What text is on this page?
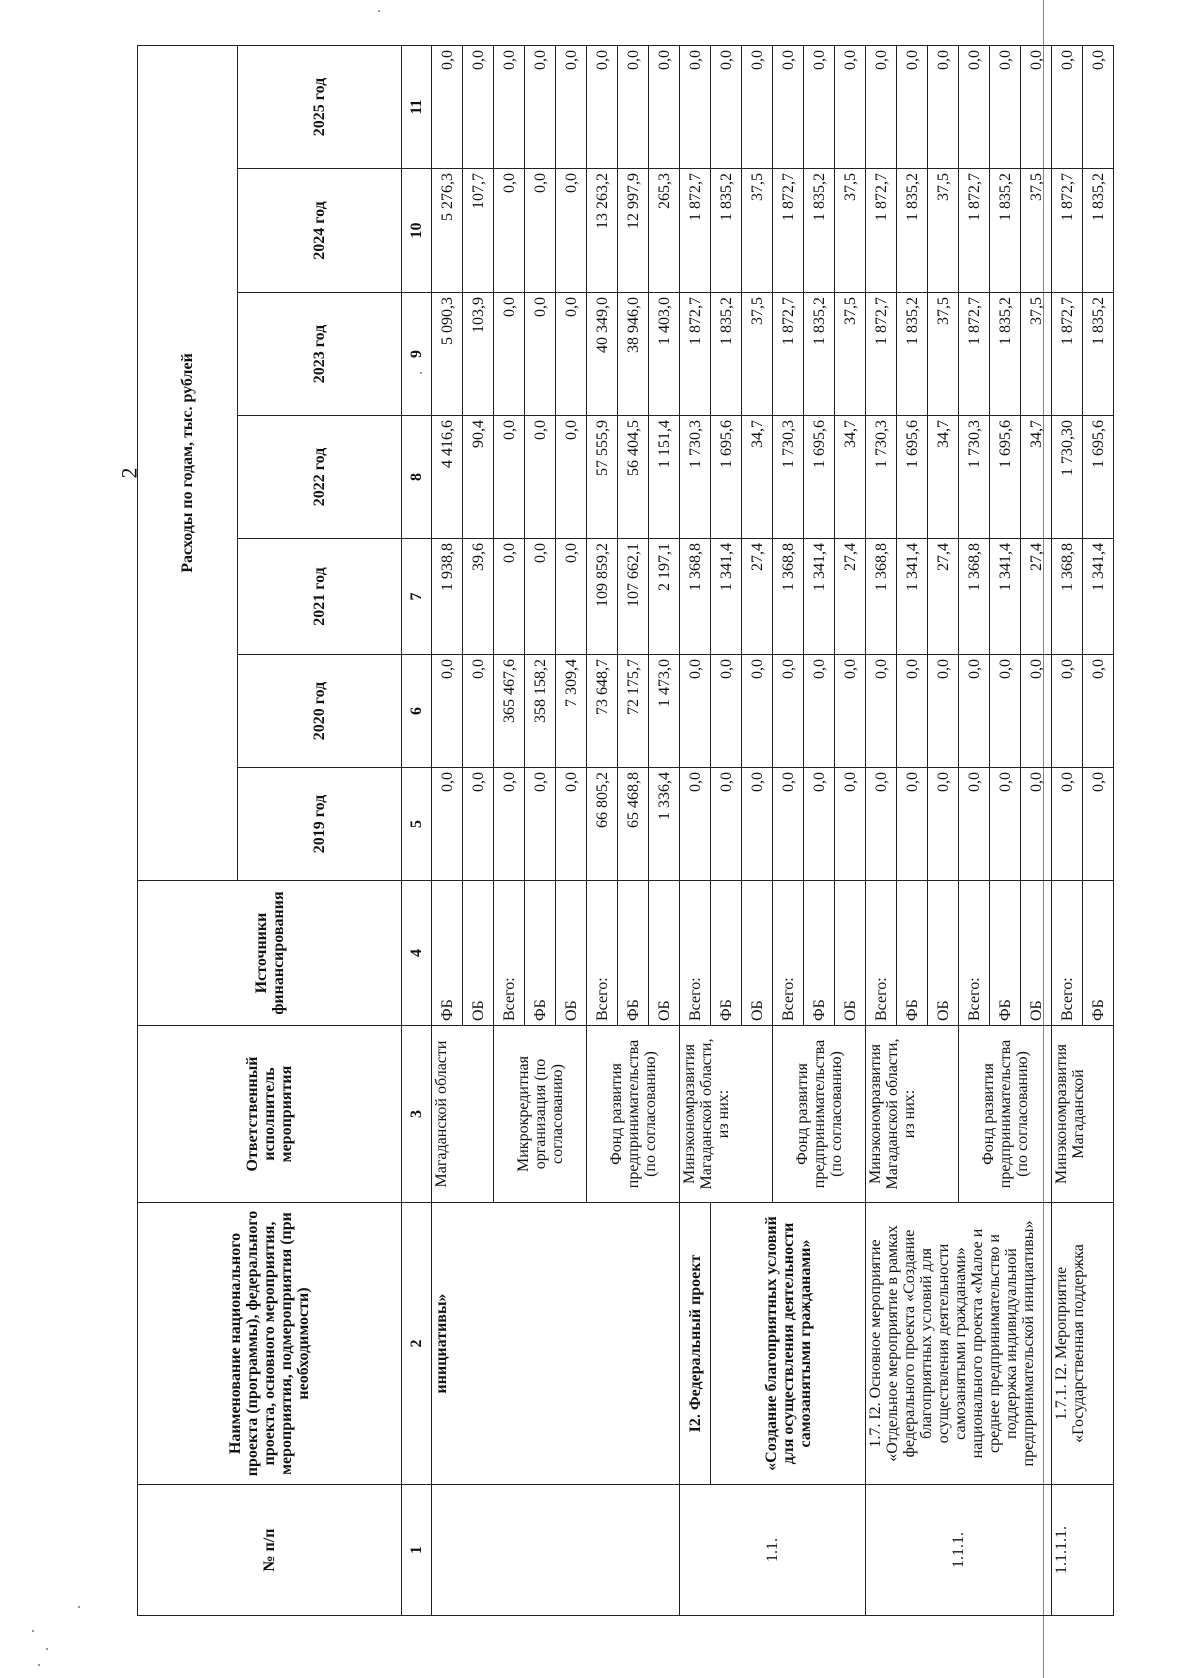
2
№ п/п	Наименование национального проекта (программы), федерального проекта, основного мероприятия, мероприятия, подмероприятия (при необходимости)	Ответственный исполнитель мероприятия	Источники финансирования	Расходы по годам, тыс. рублей						
				2019 год	2020 год	2021 год	2022 год	2023 год	2024 год	2025 год
1	2	3	4	5	6	7	8	9	10	11
	инициативы»	Магаданской области	ФБ	0,0	0,0	1 938,8	4 416,6	5 090,3	5 276,3	0,0
			ОБ	0,0	0,0	39,6	90,4	103,9	107,7	0,0
		Микрокредитная организация (по согласованию)	Всего:	0,0	365 467,6	0,0	0,0	0,0	0,0	0,0
			ФБ	0,0	358 158,2	0,0	0,0	0,0	0,0	0,0
			ОБ	0,0	7 309,4	0,0	0,0	0,0	0,0	0,0
		Фонд развития предпринимательства (по согласованию)	Всего:	66 805,2	73 648,7	109 859,2	57 555,9	40 349,0	13 263,2	0,0
			ФБ	65 468,8	72 175,7	107 662,1	56 404,5	38 946,0	12 997,9	0,0
			ОБ	1 336,4	1 473,0	2 197,1	1 151,4	1 403,0	265,3	0,0
1.1.	I2. Федеральный проект	Минэкономразвития Магаданской области, из них:	Всего:	0,0	0,0	1 368,8	1 730,3	1 872,7	1 872,7	0,0
	«Создание благоприятных условий для осуществления деятельности самозанятыми гражданами»		ФБ	0,0	0,0	1 341,4	1 695,6	1 835,2	1 835,2	0,0
			ОБ	0,0	0,0	27,4	34,7	37,5	37,5	0,0
		Фонд развития предпринимательства (по согласованию)	Всего:	0,0	0,0	1 368,8	1 730,3	1 872,7	1 872,7	0,0
			ФБ	0,0	0,0	1 341,4	1 695,6	1 835,2	1 835,2	0,0
			ОБ	0,0	0,0	27,4	34,7	37,5	37,5	0,0
1.1.1.	1.7. I2. Основное мероприятие «Отдельное мероприятие в рамках федерального проекта «Создание благоприятных условий для осуществления деятельности самозанятыми гражданами» национального проекта «Малое и среднее предпринимательство и поддержка индивидуальной предпринимательской инициативы»	Минэкономразвития Магаданской области, из них:	Всего:	0,0	0,0	1 368,8	1 730,3	1 872,7	1 872,7	0,0
			ФБ	0,0	0,0	1 341,4	1 695,6	1 835,2	1 835,2	0,0
			ОБ	0,0	0,0	27,4	34,7	37,5	37,5	0,0
		Фонд развития предпринимательства (по согласованию)	Всего:	0,0	0,0	1 368,8	1 730,3	1 872,7	1 872,7	0,0
			ФБ	0,0	0,0	1 341,4	1 695,6	1 835,2	1 835,2	0,0
			ОБ	0,0	0,0	27,4	34,7	37,5	37,5	0,0
1.1.1.1.	1.7.1. I2. Мероприятие «Государственная поддержка	Минэкономразвития Магаданской	Всего:	0,0	0,0	1 368,8	1 730,30	1 872,7	1 872,7	0,0
			ФБ	0,0	0,0	1 341,4	1 695,6	1 835,2	1 835,2	0,0
